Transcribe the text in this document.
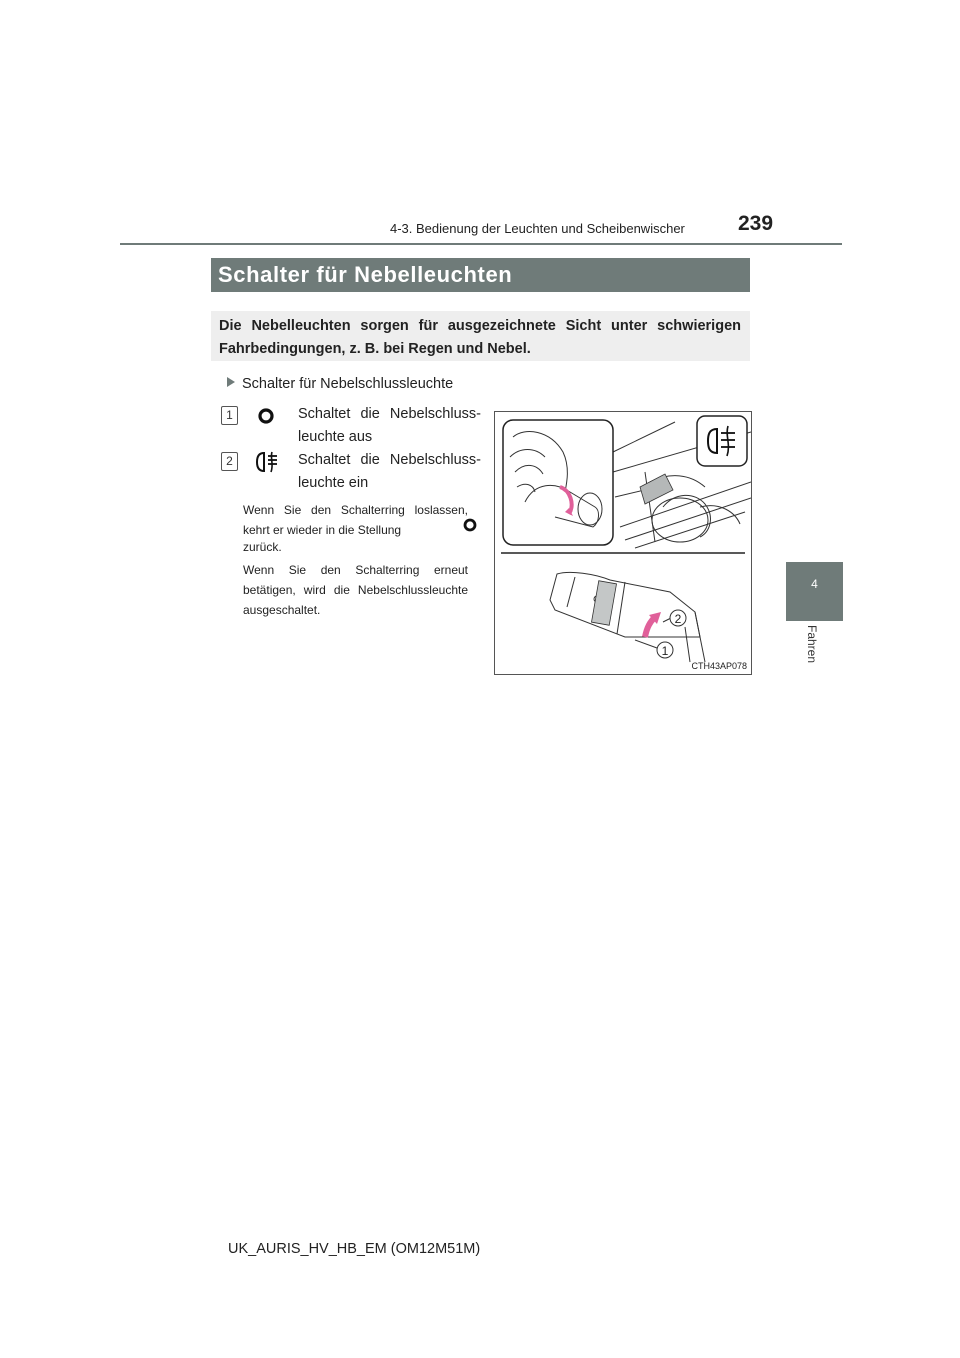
4-3. Bedienung der Leuchten und Scheibenwischer	239
4
Fahren
Schalter für Nebelleuchten
Die Nebelleuchten sorgen für ausgezeichnete Sicht unter schwierigen Fahrbedingungen, z. B. bei Regen und Nebel.
Schalter für Nebelschlussleuchte
1	Schaltet die Nebelschlussleuchte aus
2	Schaltet die Nebelschlussleuchte ein
Wenn Sie den Schalterring loslassen, kehrt er wieder in die Stellung
zurück.
Wenn Sie den Schalterring erneut betätigen, wird die Nebelschlussleuchte ausgeschaltet.
2
1
CTH43AP078
UK_AURIS_HV_HB_EM (OM12M51M)
